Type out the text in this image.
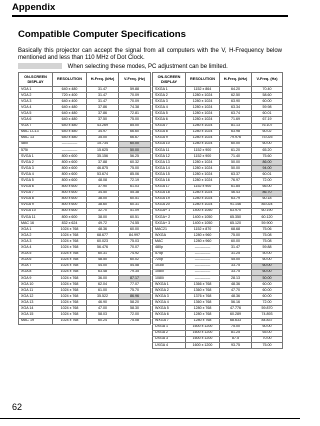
Appendix
Compatible Computer Specifications
Basically this projector can accept the signal from all computers with the V, H-Frequency below mentioned and less than 110 MHz of Dot Clock.
When selecting these modes, PC adjustment can be limited.
ON-SCREEN DISPLAY	RESOLUTION	H-Freq. (kHz)	V-Freq. (Hz)
VGA 1	640 x 480	31.47	59.88
VGA 2	720 x 400	31.47	70.09
VGA 3	640 x 400	31.47	70.09
VGA 4	640 x 480	37.86	74.38
VGA 5	640 x 480	37.86	72.81
VGA 6	640 x 480	37.50	75.00
VGA 7	640 x 480	43.269	85.00
MAC LC13	640 x 480	34.97	66.60
MAC 13	640 x 480	35.00	66.67
480i	-------------	15.734	60.00
575i	-------------	15.625	50.00
SVGA 1	800 x 600	35.156	56.25
SVGA 2	800 x 600	37.88	60.32
SVGA 3	800 x 600	46.875	75.00
SVGA 4	800 x 600	53.674	85.06
SVGA 5	800 x 600	48.08	72.19
SVGA 6	800 x 600	37.90	61.03
SVGA 7	800 x 600	34.50	55.38
SVGA 8	800 x 600	38.00	60.51
SVGA 9	800 x 600	38.60	60.31
SVGA 10	800 x 600	32.70	51.09
SVGA 11	800 x 600	38.00	60.51
MAC 16	832 x 624	49.72	74.55
XGA 1	1024 x 768	48.36	60.00
XGA 2	1024 x 768	68.677	84.997
XGA 3	1024 x 768	60.023	75.03
XGA 4	1024 x 768	56.476	70.07
XGA 5	1024 x 768	60.31	74.92
XGA 6	1024 x 768	48.50	60.02
XGA 7	1024 x 768	44.00	54.58
XGA 8	1024 x 768	63.48	79.35
XGA 9	1024 x 768	36.00	87.17
XGA 10	1024 x 768	62.04	77.07
XGA 11	1024 x 768	61.00	75.70
XGA 12	1024 x 768	35.522	86.96
XGA 13	1024 x 768	46.90	58.20
XGA 14	1024 x 768	47.00	58.30
XGA 15	1024 x 768	58.03	72.00
MAC 19	1024 x 768	60.24	75.08
ON-SCREEN DISPLAY	RESOLUTION	H-Freq. (kHz)	V-Freq. (Hz)
SXGA 1	1152 x 864	64.20	70.40
SXGA 2	1280 x 1024	62.50	58.60
SXGA 3	1280 x 1024	63.90	60.00
SXGA 4	1280 x 1024	63.34	59.98
SXGA 5	1280 x 1024	63.74	60.01
SXGA 6	1280 x 1024	71.69	67.19
SXGA 7	1280 x 1024	81.13	76.107
SXGA 8	1280 x 1024	63.98	60.02
SXGA 9	1280 x 1024	79.976	75.025
SXGA 10	1280 x 1024	60.00	60.00
SXGA 11	1152 x 900	61.20	65.20
SXGA 12	1152 x 900	71.40	75.60
SXGA 13	1280 x 1024	50.00	86.00
SXGA 14	1280 x 1024	50.00	94.00
SXGA 15	1280 x 1024	63.37	60.01
SXGA 16	1280 x 1024	76.97	72.00
SXGA 17	1152 x 900	61.85	66.00
SXGA 18	1280 x 1024	46.43	86.70
SXGA 19	1280 x 1024	63.79	60.18
SXGA 20	1280 x 1024	91.146	85.024
SXGA+ 1	1400 x 1050	63.970	60.190
SXGA+ 2	1400 x 1050	65.350	60.120
SXGA+ 3	1400 x 1050	65.120	59.900
MAC21	1152 x 870	68.68	75.06
WXGA	1280 x 960	75.00	75.08
MAC	1280 x 960	60.00	75.08
480p	-------------	31.47	59.88
575p	-------------	31.25	50.00
720p	-------------	45.00	60.00
1035i	-------------	33.75	60.00
1080i	-------------	33.75	60.00
1080i	-------------	28.13	50.00
WXGA 1	1366 x 768	48.36	60.00
WXGA 2	1360 x 768	47.70	60.00
WXGA 3	1376 x 768	48.36	60.00
WXGA 4	1360 x 768	56.16	72.00
WXGA 5	1280 x 768	47.776	59.870
WXGA 6	1280 x 768	60.289	74.893
WXGA 7	1280 x 768	68.633	84.837
UXGA 1	1600 x 1200	75.00	60.00
UXGA 2	1600 x 1200	81.25	65.00
UXGA 3	1600 x 1200	87.5	70.00
UXGA 4	1600 x 1200	93.75	75.00
62
